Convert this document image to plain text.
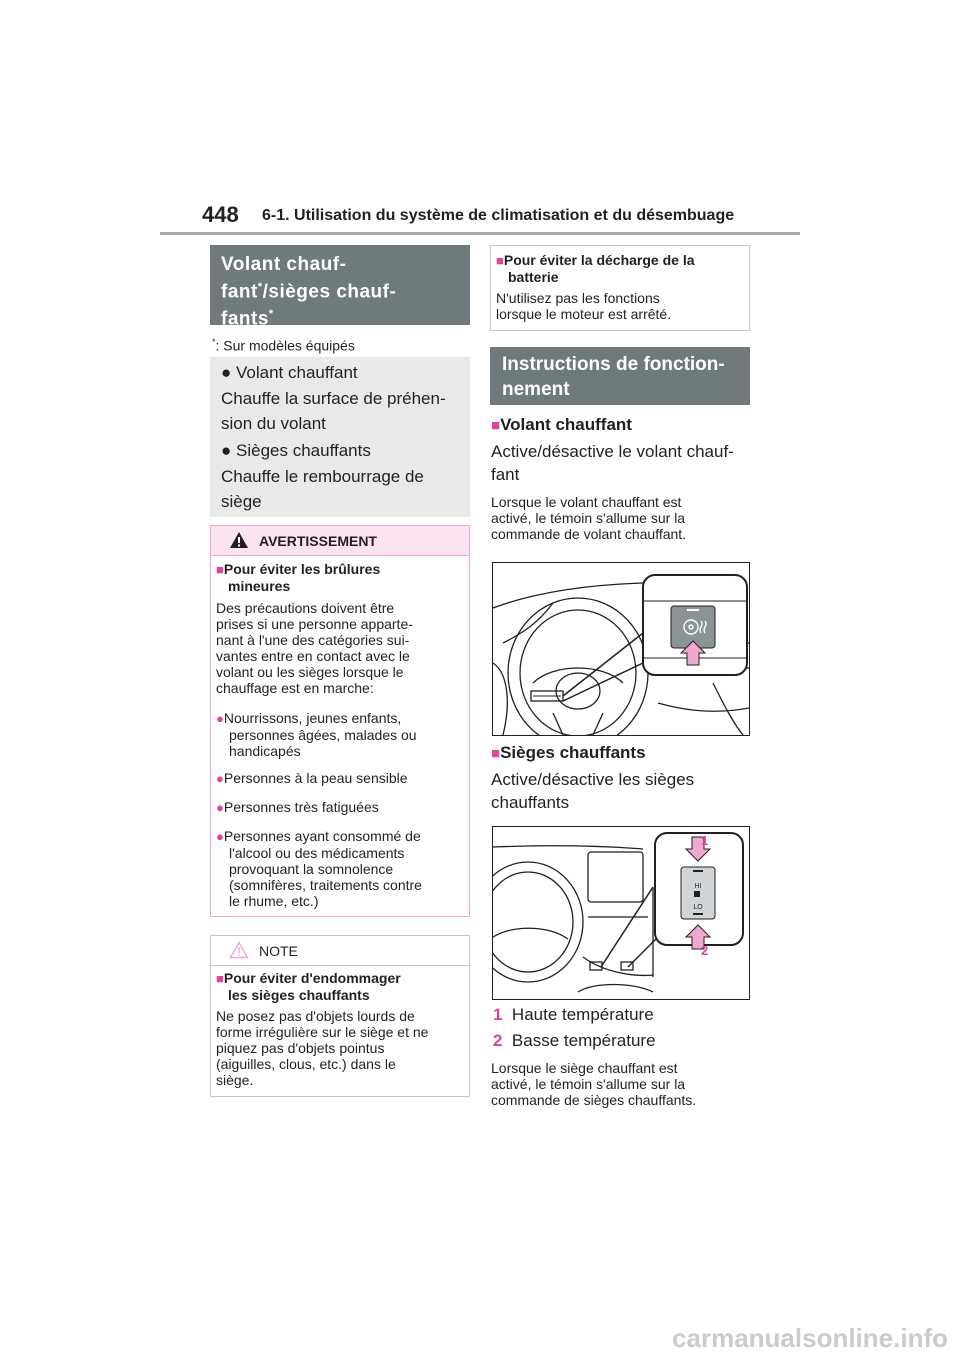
448 6-1. Utilisation du système de climatisation et du désembuage
Volant chauf-
fant*/sièges chauf-
fants*
*: Sur modèles équipés
● Volant chauffant
Chauffe la surface de préhen-
sion du volant
● Sièges chauffants
Chauffe le rembourrage de
siège
AVERTISSEMENT
■Pour éviter les brûlures
mineures
Des précautions doivent être
prises si une personne apparte-
nant à l'une des catégories sui-
vantes entre en contact avec le
volant ou les sièges lorsque le
chauffage est en marche:
●Nourrissons, jeunes enfants,
personnes âgées, malades ou
handicapés
●Personnes à la peau sensible
●Personnes très fatiguées
●Personnes ayant consommé de
l'alcool ou des médicaments
provoquant la somnolence
(somnifères, traitements contre
le rhume, etc.)
NOTE
■Pour éviter d'endommager
les sièges chauffants
Ne posez pas d'objets lourds de
forme irrégulière sur le siège et ne
piquez pas d'objets pointus
(aiguilles, clous, etc.) dans le
siège.
■Pour éviter la décharge de la
batterie
N'utilisez pas les fonctions
lorsque le moteur est arrêté.
Instructions de fonction-
nement
■Volant chauffant
Active/désactive le volant chauf-
fant
Lorsque le volant chauffant est
activé, le témoin s'allume sur la
commande de volant chauffant.
■Sièges chauffants
Active/désactive les sièges
chauffants
HI
LO
1
2
1 Haute température
2 Basse température
Lorsque le siège chauffant est
activé, le témoin s'allume sur la
commande de sièges chauffants.
carmanualsonline.info
